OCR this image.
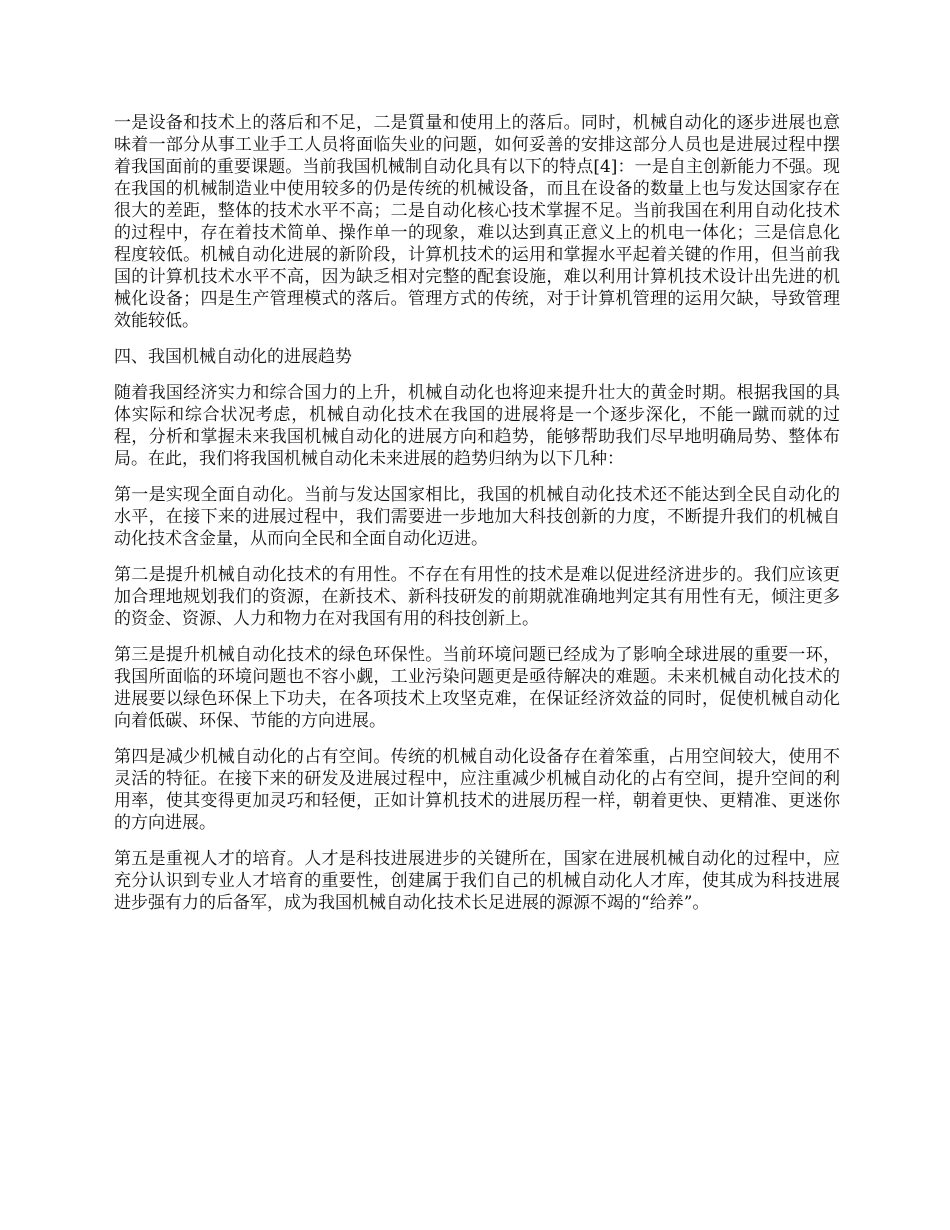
一是设备和技术上的落后和不足，二是質量和使用上的落后。同时，机械自动化的逐步进展也意味着一部分从事工业手工人员将面临失业的问题，如何妥善的安排这部分人员也是进展过程中摆着我国面前的重要课题。当前我国机械制自动化具有以下的特点[4]：一是自主创新能力不强。现在我国的机械制造业中使用较多的仍是传统的机械设备，而且在设备的数量上也与发达国家存在很大的差距，整体的技术水平不高；二是自动化核心技术掌握不足。当前我国在利用自动化技术的过程中，存在着技术简单、操作单一的现象，难以达到真正意义上的机电一体化；三是信息化程度较低。机械自动化进展的新阶段，计算机技术的运用和掌握水平起着关键的作用，但当前我国的计算机技术水平不高，因为缺乏相对完整的配套设施，难以利用计算机技术设计出先进的机械化设备；四是生产管理模式的落后。管理方式的传统，对于计算机管理的运用欠缺，导致管理效能较低。

四、我国机械自动化的进展趋势

随着我国经济实力和综合国力的上升，机械自动化也将迎来提升壮大的黄金时期。根据我国的具体实际和综合状况考虑，机械自动化技术在我国的进展将是一个逐步深化，不能一蹴而就的过程，分析和掌握未来我国机械自动化的进展方向和趋势，能够帮助我们尽早地明确局势、整体布局。在此，我们将我国机械自动化未来进展的趋势归纳为以下几种：

第一是实现全面自动化。当前与发达国家相比，我国的机械自动化技术还不能达到全民自动化的水平，在接下来的进展过程中，我们需要进一步地加大科技创新的力度，不断提升我们的机械自动化技术含金量，从而向全民和全面自动化迈进。

第二是提升机械自动化技术的有用性。不存在有用性的技术是难以促进经济进步的。我们应该更加合理地规划我们的资源，在新技术、新科技研发的前期就准确地判定其有用性有无，倾注更多的资金、资源、人力和物力在对我国有用的科技创新上。

第三是提升机械自动化技术的绿色环保性。当前环境问题已经成为了影响全球进展的重要一环，我国所面临的环境问题也不容小觑，工业污染问题更是亟待解决的难题。未来机械自动化技术的进展要以绿色环保上下功夫，在各项技术上攻坚克难，在保证经济效益的同时，促使机械自动化向着低碳、环保、节能的方向进展。

第四是减少机械自动化的占有空间。传统的机械自动化设备存在着笨重，占用空间较大，使用不灵活的特征。在接下来的研发及进展过程中，应注重减少机械自动化的占有空间，提升空间的利用率，使其变得更加灵巧和轻便，正如计算机技术的进展历程一样，朝着更快、更精准、更迷你的方向进展。

第五是重视人才的培育。人才是科技进展进步的关键所在，国家在进展机械自动化的过程中，应充分认识到专业人才培育的重要性，创建属于我们自己的机械自动化人才库，使其成为科技进展进步强有力的后备军，成为我国机械自动化技术长足进展的源源不竭的“给养”。
